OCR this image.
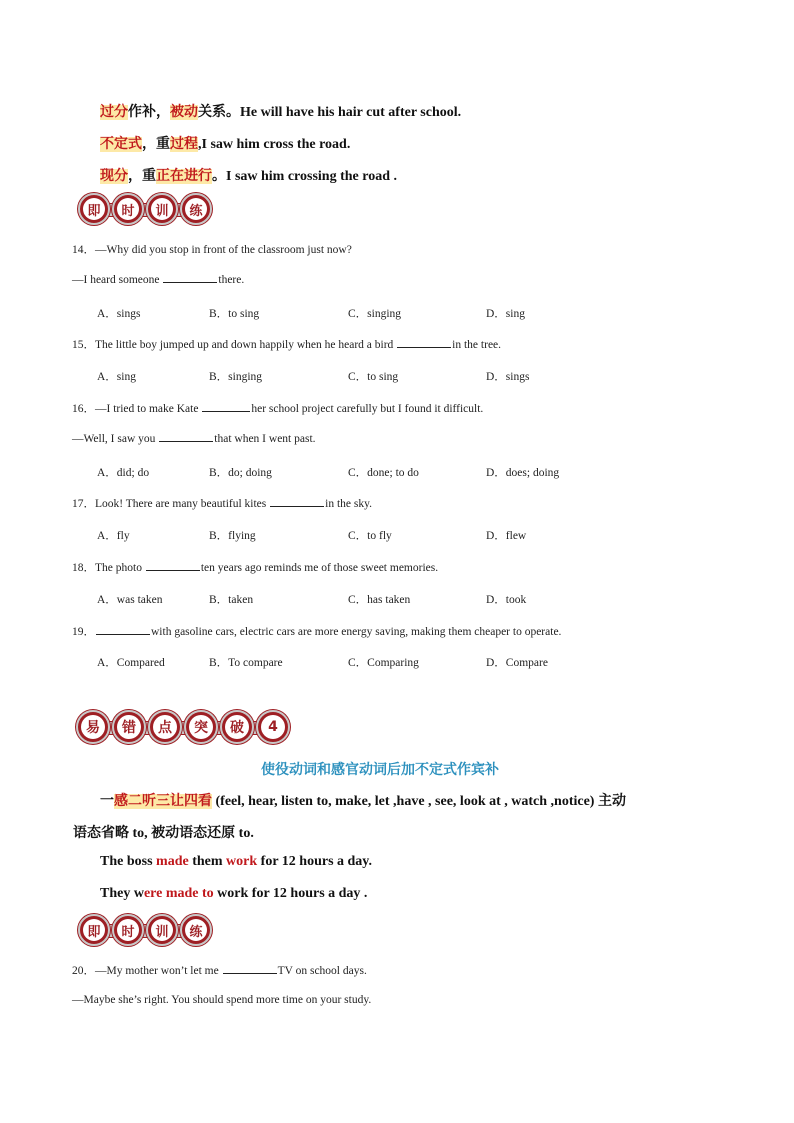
过分作补，被动关系。He will have his hair cut after school.
不定式，重过程,I saw him cross the road.
现分，重正在进行。I saw him crossing the road .
即	时	训	练
14．—Why did you stop in front of the classroom just now?
—I heard someone	there.
A．sings	B．to sing	C．singing	D．sing
15．The little boy jumped up and down happily when he heard a bird	in the tree.
A．sing	B．singing	C．to sing	D．sings
16．—I tried to make Kate	her school project carefully but I found it difficult.
—Well, I saw you	that when I went past.
A．did; do	B．do; doing	C．done; to do	D．does; doing
17．Look! There are many beautiful kites	in the sky.
A．fly	B．flying	C．to fly	D．flew
18．The photo	ten years ago reminds me of those sweet memories.
A．was taken	B．taken	C．has taken	D．took
19．	with gasoline cars, electric cars are more energy saving, making them cheaper to operate.
A．Compared	B．To compare	C．Comparing	D．Compare
易	错	点	突	破	4
使役动词和感官动词后加不定式作宾补
一感二听三让四看 (feel, hear, listen to, make, let ,have , see, look at , watch ,notice) 主动
语态省略 to, 被动语态还原 to.
The boss made them work for 12 hours a day.
They were made to work for 12 hours a day .
即	时	训	练
20．—My mother won’t let me	TV on school days.
—Maybe she’s right. You should spend more time on your study.
